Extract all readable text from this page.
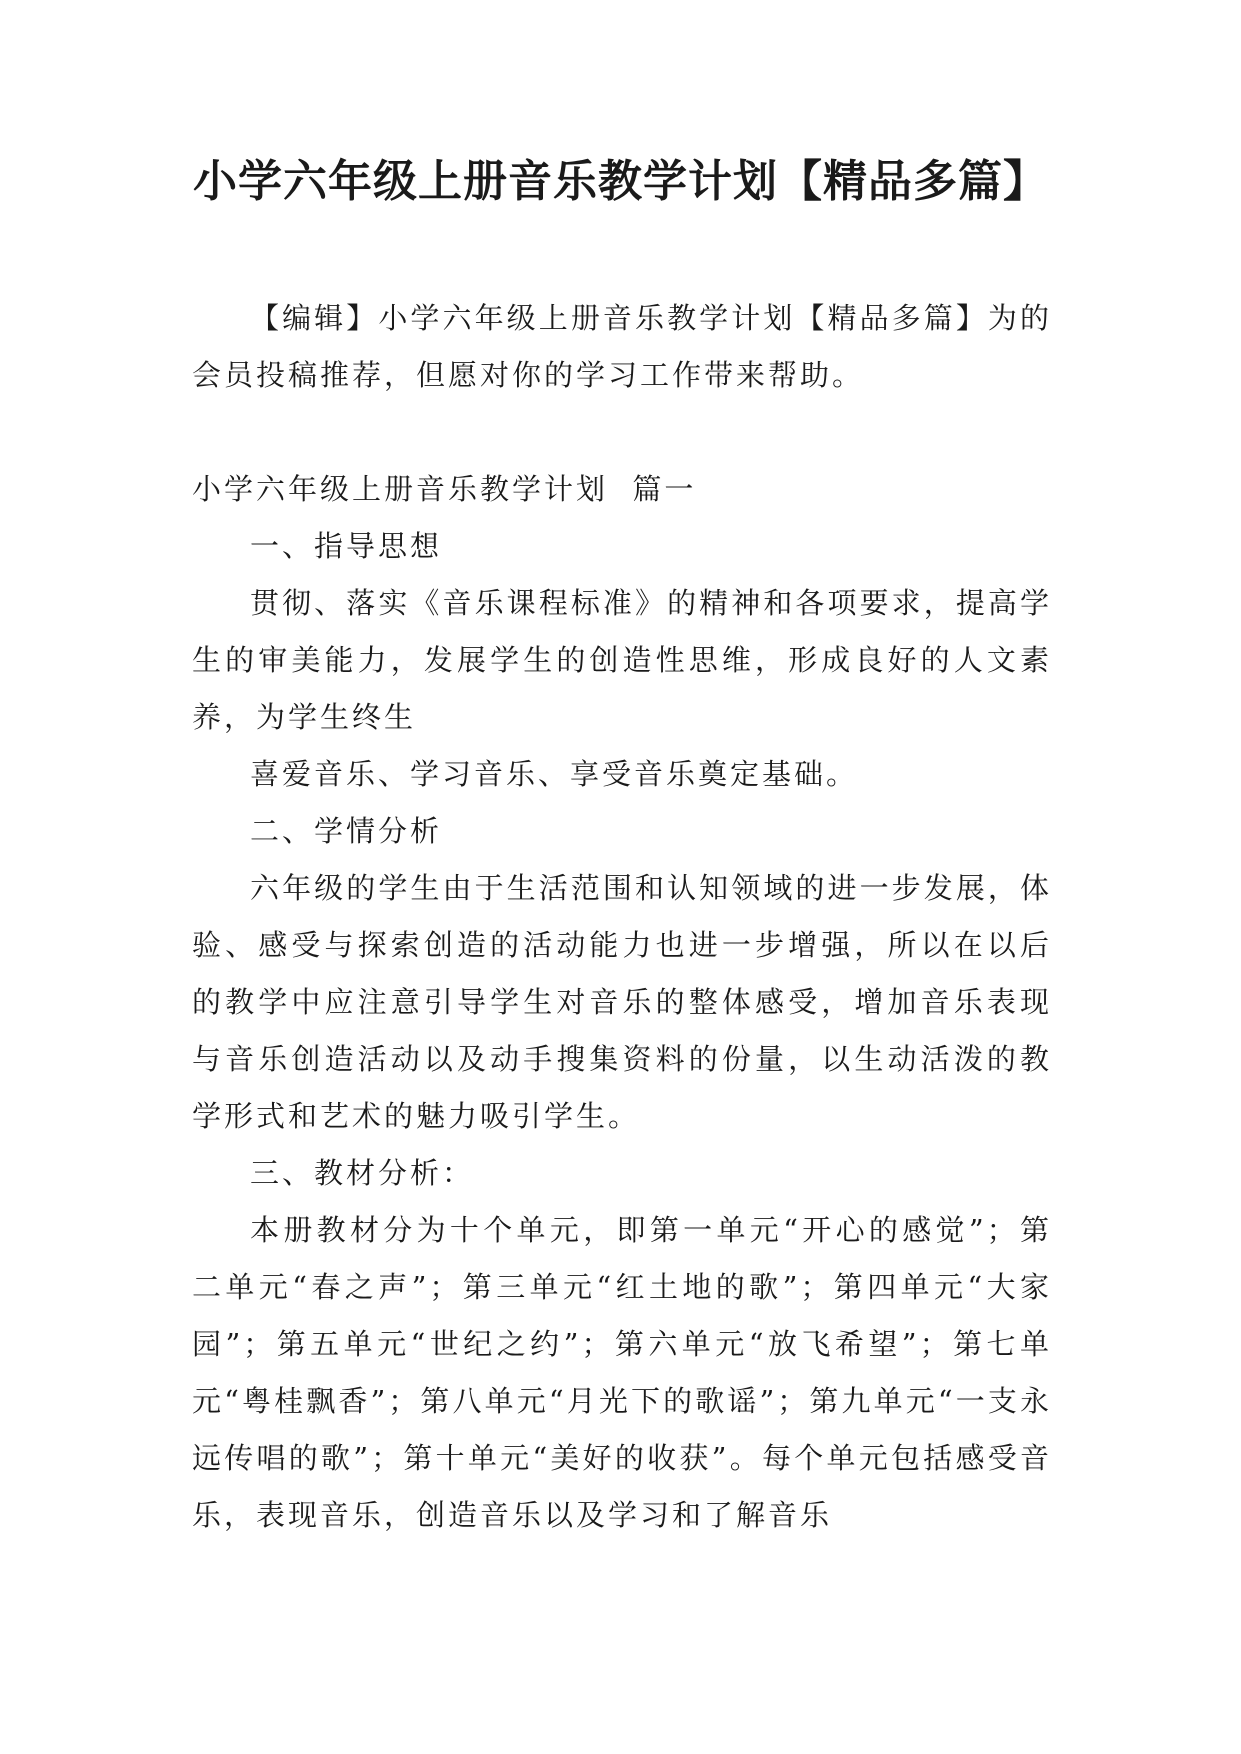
小学六年级上册音乐教学计划【精品多篇】

【编辑】小学六年级上册音乐教学计划【精品多篇】为的会员投稿推荐，但愿对你的学习工作带来帮助。

小学六年级上册音乐教学计划  篇一

一、指导思想

贯彻、落实《音乐课程标准》的精神和各项要求，提高学生的审美能力，发展学生的创造性思维，形成良好的人文素养，为学生终生

喜爱音乐、学习音乐、享受音乐奠定基础。

二、学情分析

六年级的学生由于生活范围和认知领域的进一步发展，体验、感受与探索创造的活动能力也进一步增强，所以在以后的教学中应注意引导学生对音乐的整体感受，增加音乐表现与音乐创造活动以及动手搜集资料的份量，以生动活泼的教学形式和艺术的魅力吸引学生。

三、教材分析：

本册教材分为十个单元，即第一单元“开心的感觉”；第二单元“春之声”；第三单元“红土地的歌”；第四单元“大家园”；第五单元“世纪之约”；第六单元“放飞希望”；第七单元“粤桂飘香”；第八单元“月光下的歌谣”；第九单元“一支永远传唱的歌”；第十单元“美好的收获”。每个单元包括感受音乐，表现音乐，创造音乐以及学习和了解音乐
